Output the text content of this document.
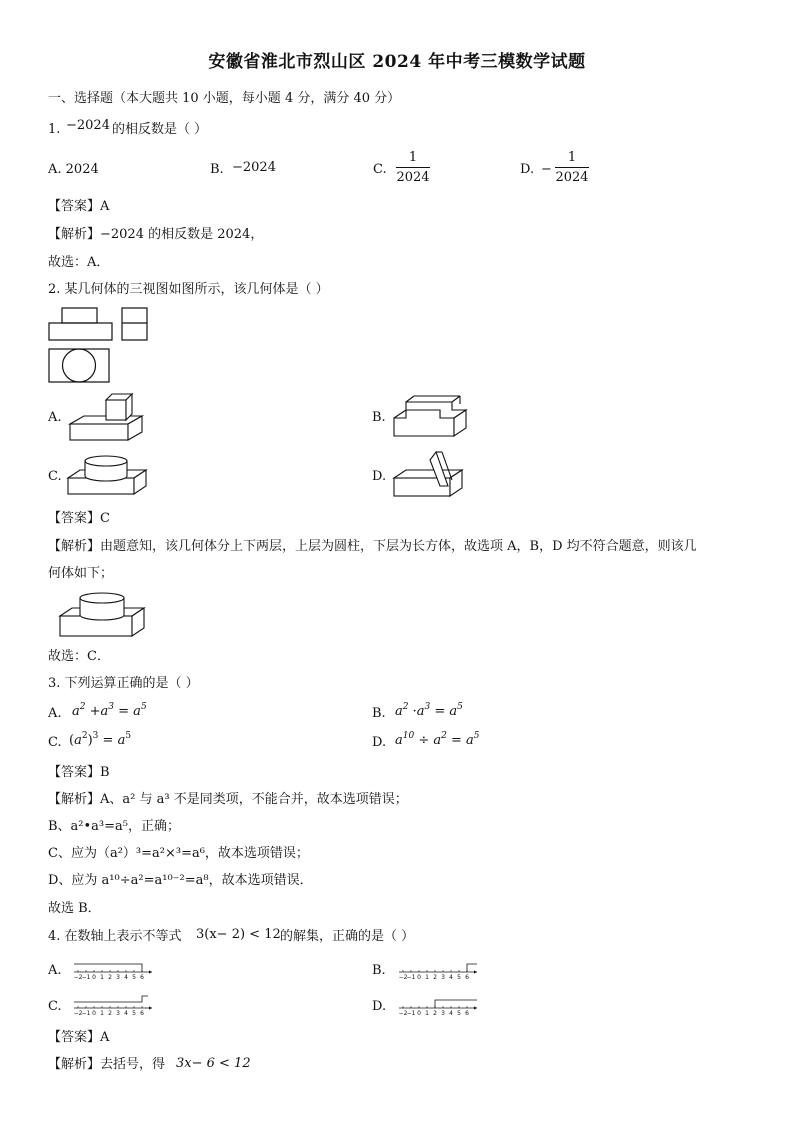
安徽省淮北市烈山区 2024 年中考三模数学试题
一、选择题（本大题共 10 小题，每小题 4 分，满分 40 分）
1. −2024 的相反数是（ ）
A. 2024	B. −2024	C.
1
2024
D. −
1
2024
【答案】A
【解析】−2024 的相反数是 2024，
故选：A．
2. 某几何体的三视图如图所示，该几何体是（ ）
A.	B.
C.	D.
【答案】C
【解析】由题意知，该几何体分上下两层，上层为圆柱，下层为长方体，故选项 A，B，D 均不符合题意，则该几
何体如下；
故选：C．
3. 下列运算正确的是（ ）
A. $a^2 +a^3 = a^5$	B. $a^2 \cdot a^3 = a^5$
C. $(a^2)^3 = a^5$	D. $a^{10} \div a^2 = a^5$
【答案】B
【解析】A、a² 与 a³ 不是同类项，不能合并，故本选项错误；
B、a²•a³=a⁵，正确；
C、应为（a²）³=a²×³=a⁶，故本选项错误；
D、应为 a¹⁰÷a²=a¹⁰⁻²=a⁸，故本选项错误．
故选 B．
4. 在数轴上表示不等式 3(x− 2) < 12 的解集，正确的是（ ）
A. −2 −1 0 1 2 3 4 5 6	B. −2 −1 0 1 2 3 4 5 6
C. −2 −1 0 1 2 3 4 5 6	D. −2 −1 0 1 2 3 4 5 6
【答案】A
【解析】去括号，得 3x− 6 < 12
